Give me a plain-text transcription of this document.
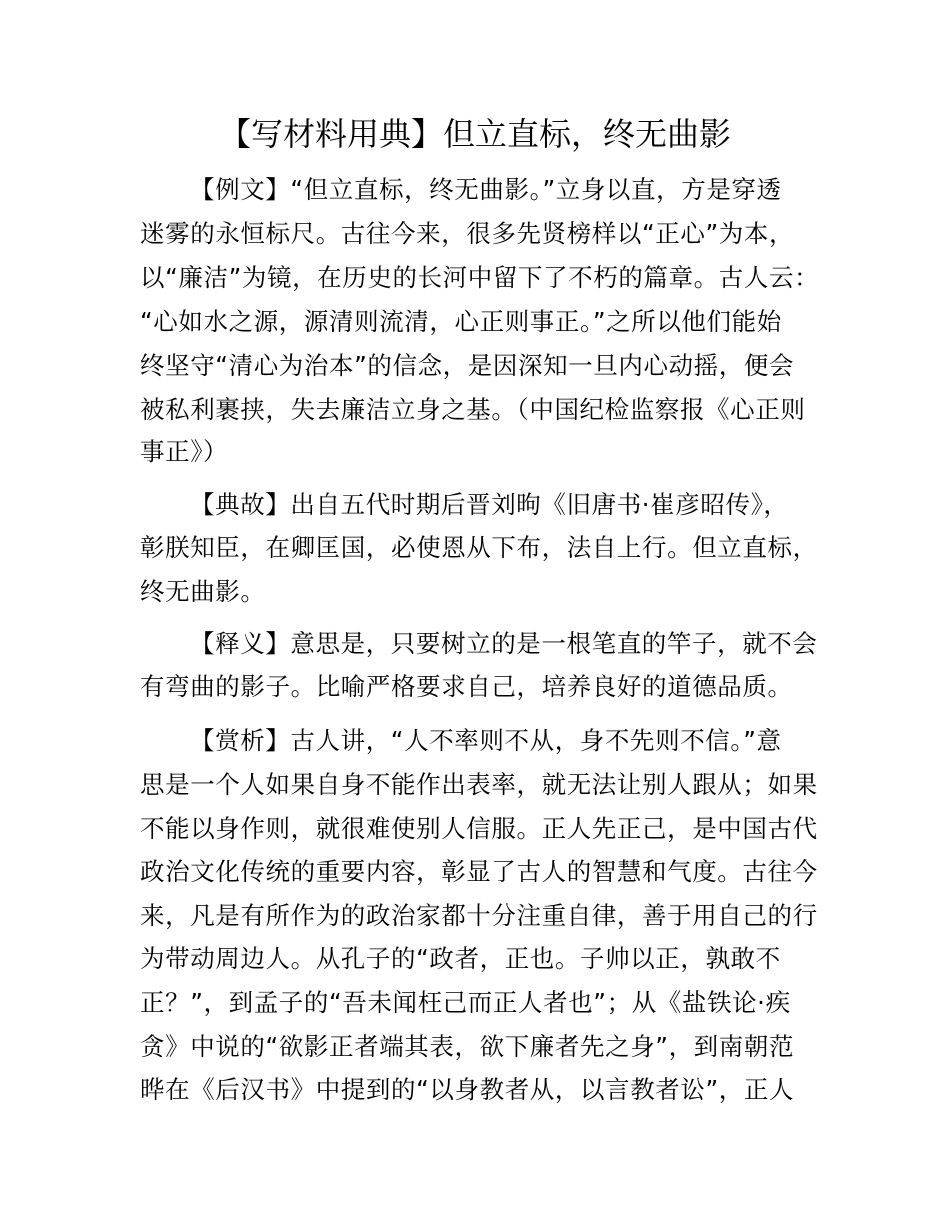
【写材料用典】但立直标，终无曲影
【例文】“但立直标，终无曲影。”立身以直，方是穿透
迷雾的永恒标尺。古往今来，很多先贤榜样以“正心”为本，
以“廉洁”为镜，在历史的长河中留下了不朽的篇章。古人云：
“心如水之源，源清则流清，心正则事正。”之所以他们能始
终坚守“清心为治本”的信念，是因深知一旦内心动摇，便会
被私利裹挟，失去廉洁立身之基。（中国纪检监察报《心正则
事正》）
【典故】出自五代时期后晋刘昫《旧唐书·崔彦昭传》，
彰朕知臣，在卿匡国，必使恩从下布，法自上行。但立直标，
终无曲影。
【释义】意思是，只要树立的是一根笔直的竿子，就不会
有弯曲的影子。比喻严格要求自己，培养良好的道德品质。
【赏析】古人讲，“人不率则不从，身不先则不信。”意
思是一个人如果自身不能作出表率，就无法让别人跟从；如果
不能以身作则，就很难使别人信服。正人先正己，是中国古代
政治文化传统的重要内容，彰显了古人的智慧和气度。古往今
来，凡是有所作为的政治家都十分注重自律，善于用自己的行
为带动周边人。从孔子的“政者，正也。子帅以正，孰敢不
正？”，到孟子的“吾未闻枉己而正人者也”；从《盐铁论·疾
贪》中说的“欲影正者端其表，欲下廉者先之身”，到南朝范
晔在《后汉书》中提到的“以身教者从，以言教者讼”，正人
